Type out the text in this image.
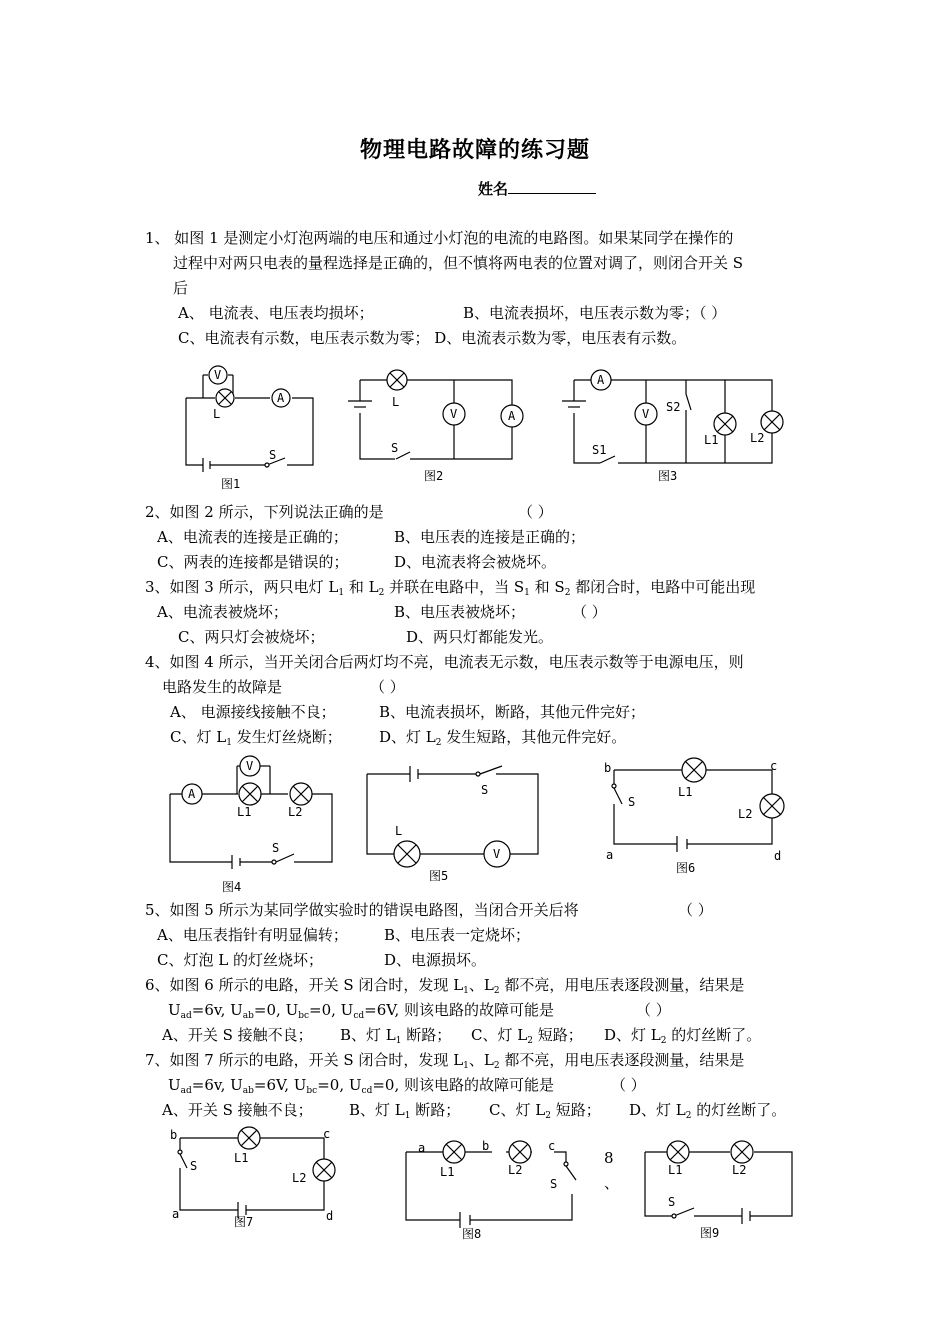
物理电路故障的练习题
姓名
1、 如图 1 是测定小灯泡两端的电压和通过小灯泡的电流的电路图。如果某同学在操作的
过程中对两只电表的量程选择是正确的，但不慎将两电表的位置对调了，则闭合开关 S
后
A、 电流表、电压表均损坏；	B、电流表损坏，电压表示数为零；（ ）
C、电流表有示数，电压表示数为零； D、电流表示数为零，电压表有示数。
V
A
L
S
图1
V	A
L
S
图2
A
V S2
S1
L1	L2
图3
2、如图 2 所示，下列说法正确的是	（ ）
A、电流表的连接是正确的；	B、电压表的连接是正确的；
C、两表的连接都是错误的；	D、电流表将会被烧坏。
3、如图 3 所示，两只电灯 $L_1$ 和 $L_2$ 并联在电路中，当 $S_1$ 和 $S_2$ 都闭合时，电路中可能出现
A、电流表被烧坏；	B、电压表被烧坏；	（ ）
C、两只灯会被烧坏；	D、两只灯都能发光。
4、如图 4 所示，当开关闭合后两灯均不亮，电流表无示数，电压表示数等于电源电压，则
电路发生的故障是	（ ）
A、 电源接线接触不良；	B、电流表损坏，断路，其他元件完好；
C、灯 $L_1$ 发生灯丝烧断； D、灯 $L_2$ 发生短路，其他元件完好。
A
V
L1	L2
S
图4
V
L
S
图5
b	c
a	d
S
L1
L2
图6
5、如图 5 所示为某同学做实验时的错误电路图，当闭合开关后将	（ ）
A、电压表指针有明显偏转； B、电压表一定烧坏；
C、灯泡 L 的灯丝烧坏；	D、电源损坏。
6、如图 6 所示的电路，开关 S 闭合时，发现 $L_1$、$L_2$ 都不亮，用电压表逐段测量，结果是
$U_{ad}=6v$, $U_{ab}=0$, $U_{bc}=0$, $U_{cd}=6V$, 则该电路的故障可能是	（ ）
A、开关 S 接触不良； B、灯 $L_1$ 断路； C、灯 $L_2$ 短路； D、灯 $L_2$ 的灯丝断了。
7、如图 7 所示的电路，开关 S 闭合时，发现 $L_1$、$L_2$ 都不亮，用电压表逐段测量，结果是
$U_{ad}=6v$, $U_{ab}=6V$, $U_{bc}=0$, $U_{cd}=0$, 则该电路的故障可能是	（ ）
A、开关 S 接触不良； B、灯 $L_1$ 断路； C、灯 $L_2$ 短路； D、灯 $L_2$ 的灯丝断了。
b	c
a	d
S
L1
L2
图7
a	b	c
L1	L2
S
图8
8
、
L1	L2
S
图9
